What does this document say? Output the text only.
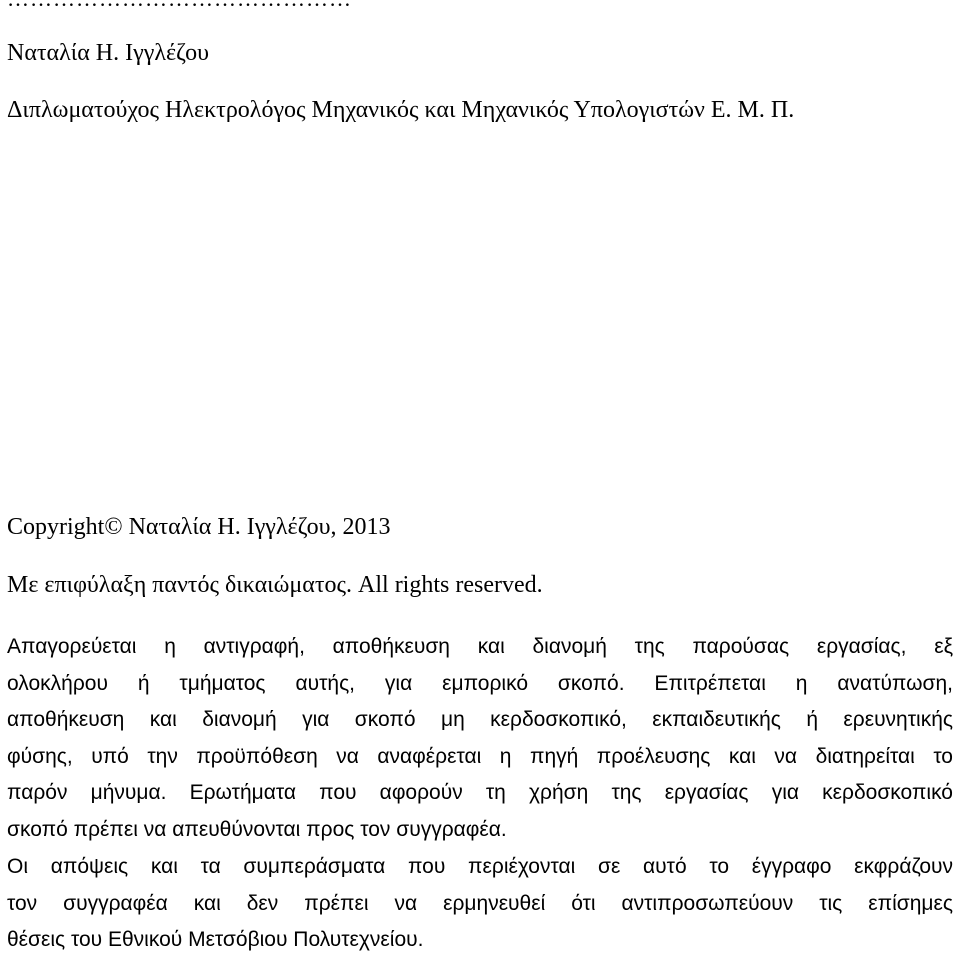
Ναταλία Η. Ιγγλέζου
Διπλωματούχος Ηλεκτρολόγος Μηχανικός και Μηχανικός Υπολογιστών Ε. Μ. Π.
Copyright© Ναταλία Η. Ιγγλέζου, 2013
Με επιφύλαξη παντός δικαιώματος. All rights reserved.
Απαγορεύεται η αντιγραφή, αποθήκευση και διανομή της παρούσας εργασίας, εξ
ολοκλήρου ή τμήματος αυτής, για εμπορικό σκοπό. Επιτρέπεται η ανατύπωση,
αποθήκευση και διανομή για σκοπό μη κερδοσκοπικό, εκπαιδευτικής ή ερευνητικής
φύσης, υπό την προϋπόθεση να αναφέρεται η πηγή προέλευσης και να διατηρείται το
παρόν μήνυμα. Ερωτήματα που αφορούν τη χρήση της εργασίας για κερδοσκοπικό
σκοπό πρέπει να απευθύνονται προς τον συγγραφέα.
Οι απόψεις και τα συμπεράσματα που περιέχονται σε αυτό το έγγραφο εκφράζουν
τον συγγραφέα και δεν πρέπει να ερμηνευθεί ότι αντιπροσωπεύουν τις επίσημες
θέσεις του Εθνικού Μετσόβιου Πολυτεχνείου.
